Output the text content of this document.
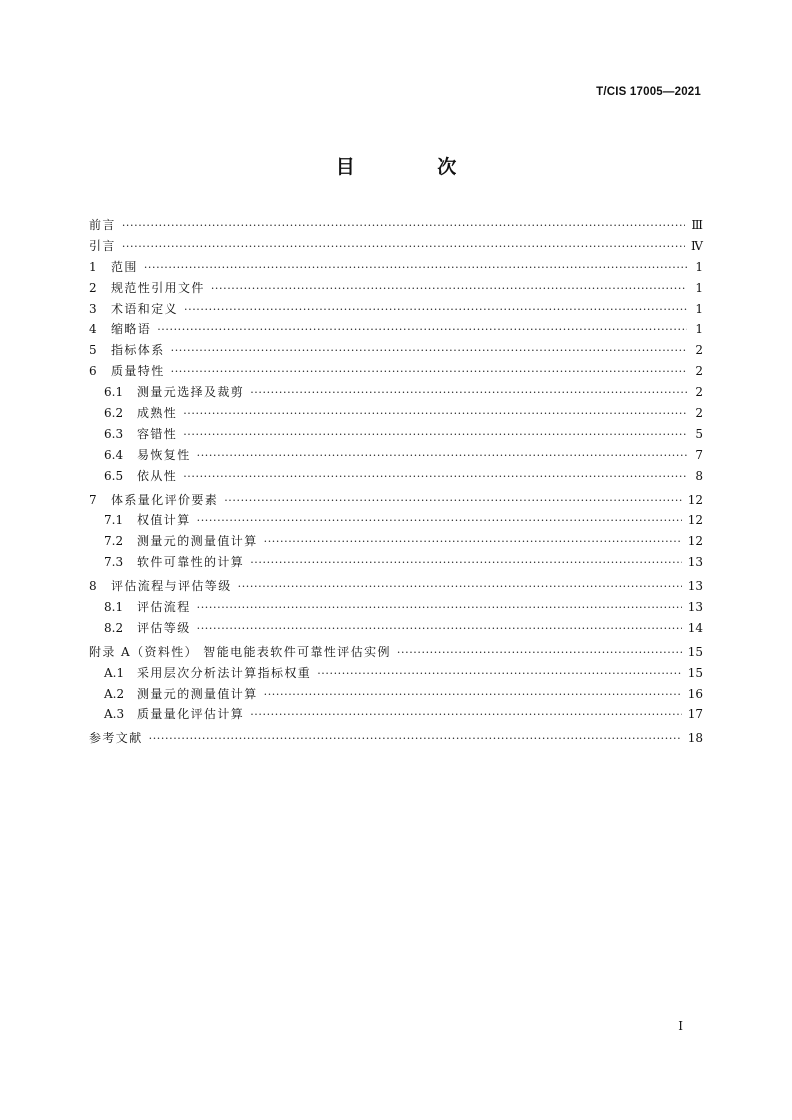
T/CIS 17005—2021
目 次
前言 ·····	Ⅲ
引言 ·····	Ⅳ
1	范围 ·····	1
2	规范性引用文件 ·····	1
3	术语和定义 ·····	1
4	缩略语 ·····	1
5	指标体系 ·····	2
6	质量特性 ·····	2
6.1	测量元选择及裁剪 ·····	2
6.2	成熟性 ·····	2
6.3	容错性 ·····	5
6.4	易恢复性 ·····	7
6.5	依从性 ·····	8
7	体系量化评价要素 ·····	12
7.1	权值计算 ·····	12
7.2	测量元的测量值计算 ·····	12
7.3	软件可靠性的计算 ·····	13
8	评估流程与评估等级 ·····	13
8.1	评估流程 ·····	13
8.2	评估等级 ·····	14
附录 A（资料性） 智能电能表软件可靠性评估实例 ·····	15
A.1	采用层次分析法计算指标权重 ·····	15
A.2	测量元的测量值计算 ·····	16
A.3	质量量化评估计算 ·····	17
参考文献 ·····	18
Ⅰ
